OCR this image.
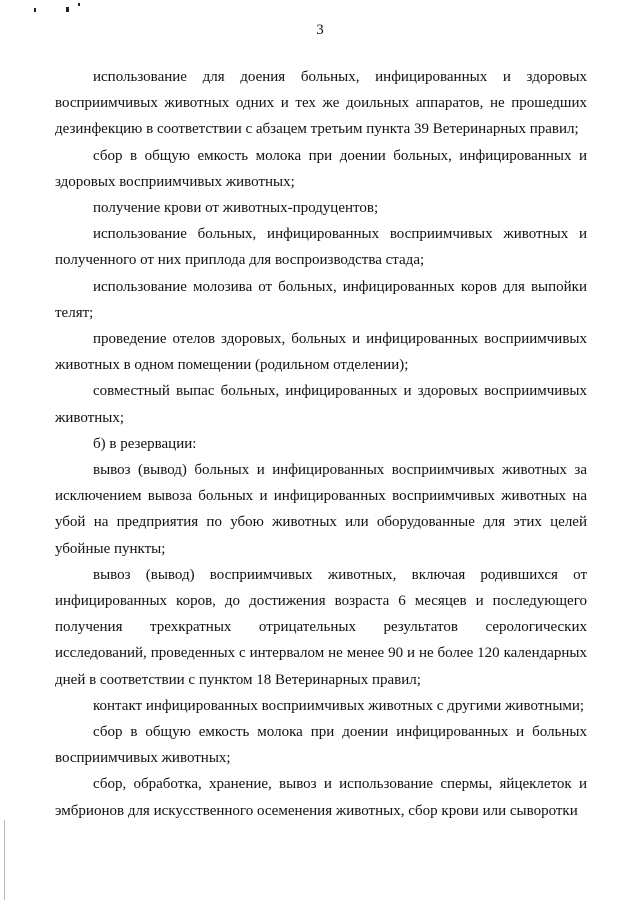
3

использование для доения больных, инфицированных и здоровых восприимчивых животных одних и тех же доильных аппаратов, не прошедших дезинфекцию в соответствии с абзацем третьим пункта 39 Ветеринарных правил;

сбор в общую емкость молока при доении больных, инфицированных и здоровых восприимчивых животных;

получение крови от животных-продуцентов;

использование больных, инфицированных восприимчивых животных и полученного от них приплода для воспроизводства стада;

использование молозива от больных, инфицированных коров для выпойки телят;

проведение отелов здоровых, больных и инфицированных восприимчивых животных в одном помещении (родильном отделении);

совместный выпас больных, инфицированных и здоровых восприимчивых животных;

б) в резервации:

вывоз (вывод) больных и инфицированных восприимчивых животных за исключением вывоза больных и инфицированных восприимчивых животных на убой на предприятия по убою животных или оборудованные для этих целей убойные пункты;

вывоз (вывод) восприимчивых животных, включая родившихся от инфицированных коров, до достижения возраста 6 месяцев и последующего получения трехкратных отрицательных результатов серологических исследований, проведенных с интервалом не менее 90 и не более 120 календарных дней в соответствии с пунктом 18 Ветеринарных правил;

контакт инфицированных восприимчивых животных с другими животными;

сбор в общую емкость молока при доении инфицированных и больных восприимчивых животных;

сбор, обработка, хранение, вывоз и использование спермы, яйцеклеток и эмбрионов для искусственного осеменения животных, сбор крови или сыворотки
